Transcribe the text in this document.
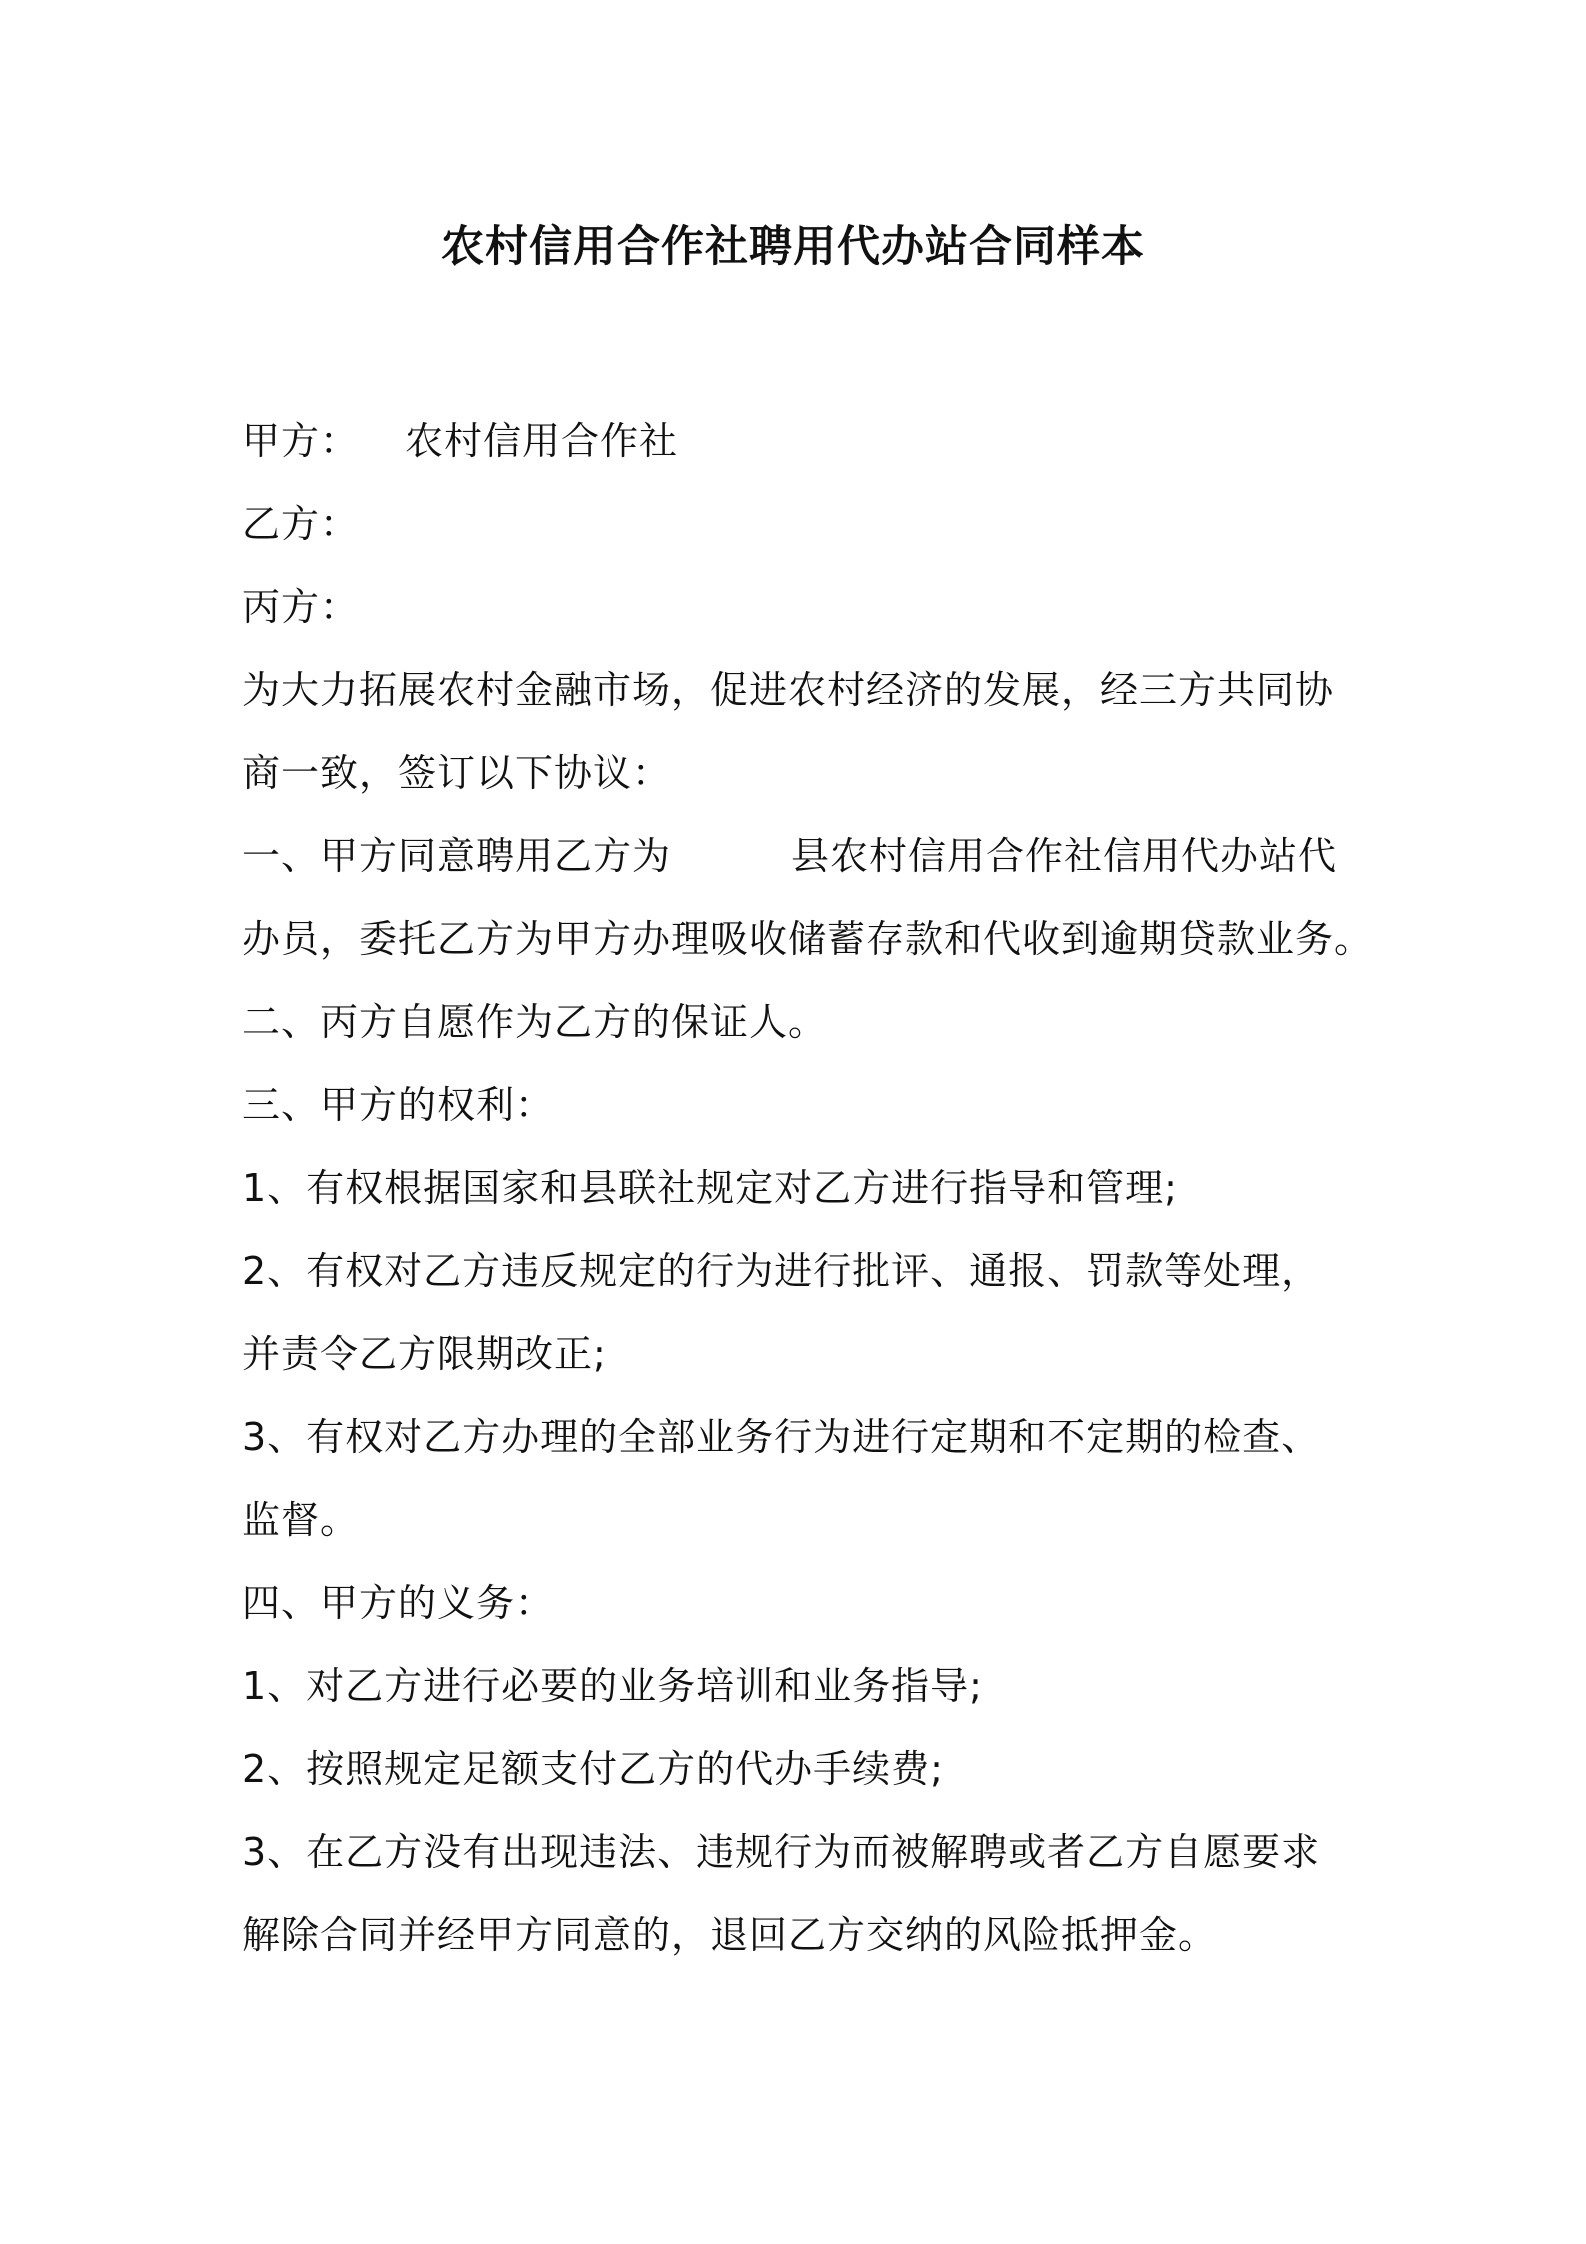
农村信用合作社聘用代办站合同样本
甲方： 农村信用合作社
乙方：
丙方：
为大力拓展农村金融市场，促进农村经济的发展，经三方共同协
商一致，签订以下协议：
一、甲方同意聘用乙方为	县农村信用合作社信用代办站代
办员，委托乙方为甲方办理吸收储蓄存款和代收到逾期贷款业务。
二、丙方自愿作为乙方的保证人。
三、甲方的权利：
1、有权根据国家和县联社规定对乙方进行指导和管理;
2、有权对乙方违反规定的行为进行批评、通报、罚款等处理，
并责令乙方限期改正;
3、有权对乙方办理的全部业务行为进行定期和不定期的检查、
监督。
四、甲方的义务：
1、对乙方进行必要的业务培训和业务指导;
2、按照规定足额支付乙方的代办手续费;
3、在乙方没有出现违法、违规行为而被解聘或者乙方自愿要求
解除合同并经甲方同意的，退回乙方交纳的风险抵押金。
